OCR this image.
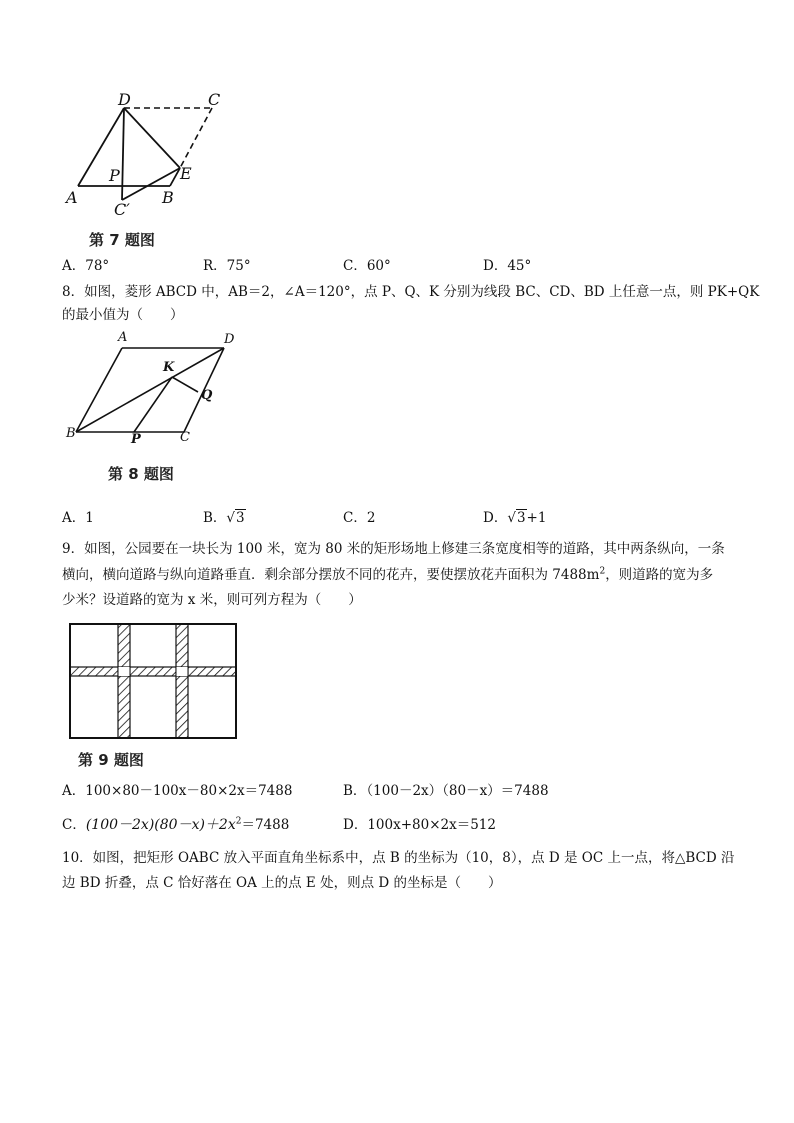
D	C
P	E
A
C′
B
第 7 题图
A．78°	R．75°	C．60°	D．45°
8．如图，菱形 ABCD 中，AB＝2，∠A＝120°，点 P、Q、K 分别为线段 BC、CD、BD 上任意一点，则 PK+QK
的最小值为（　　）
A	D
K
Q
B	P	C
第 8 题图
A．1	B．√3	C．2	D．√3+1
9．如图，公园要在一块长为 100 米，宽为 80 米的矩形场地上修建三条宽度相等的道路，其中两条纵向，一条
横向，横向道路与纵向道路垂直．剩余部分摆放不同的花卉，要使摆放花卉面积为 $7488m^2$，则道路的宽为多
少米？设道路的宽为 x 米，则可列方程为（　　）
第 9 题图
A．100×80－100x－80×2x＝7488	B．（100－2x）（80－x）＝7488
C．$(100-2x)(80-x)+2x^2=7488$	D．100x+80×2x＝512
10．如图，把矩形 OABC 放入平面直角坐标系中，点 B 的坐标为（10，8），点 D 是 OC 上一点，将△BCD 沿
边 BD 折叠，点 C 恰好落在 OA 上的点 E 处，则点 D 的坐标是（　　）
